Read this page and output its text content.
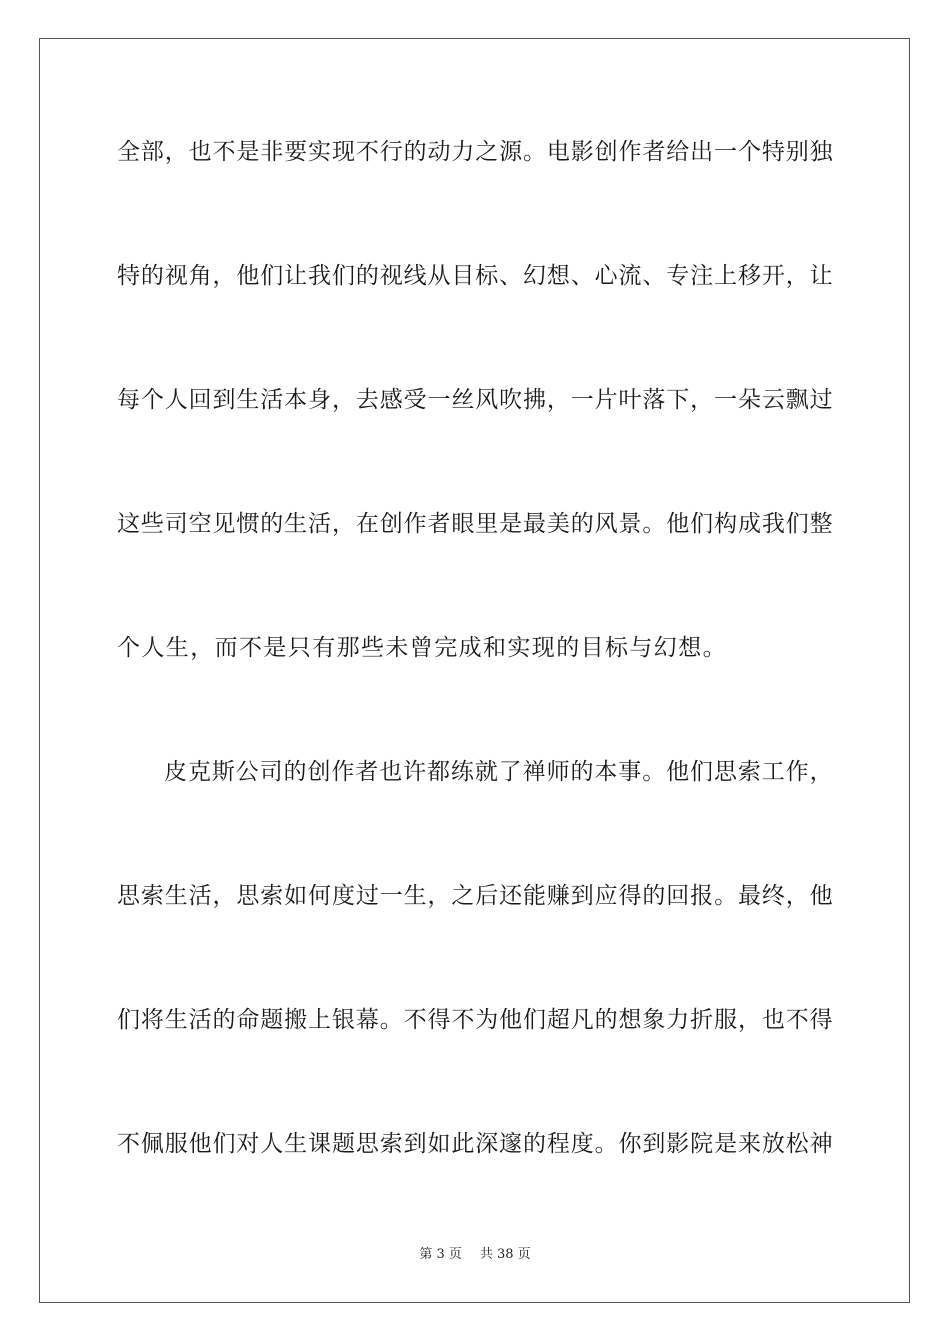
全部，也不是非要实现不行的动力之源。电影创作者给出一个特别独
特的视角，他们让我们的视线从目标、幻想、心流、专注上移开，让
每个人回到生活本身，去感受一丝风吹拂，一片叶落下，一朵云飘过
这些司空见惯的生活，在创作者眼里是最美的风景。他们构成我们整
个人生，而不是只有那些未曾完成和实现的目标与幻想。
皮克斯公司的创作者也许都练就了禅师的本事。他们思索工作，
思索生活，思索如何度过一生，之后还能赚到应得的回报。最终，他
们将生活的命题搬上银幕。不得不为他们超凡的想象力折服，也不得
不佩服他们对人生课题思索到如此深邃的程度。你到影院是来放松神
第 3 页 共 38 页
